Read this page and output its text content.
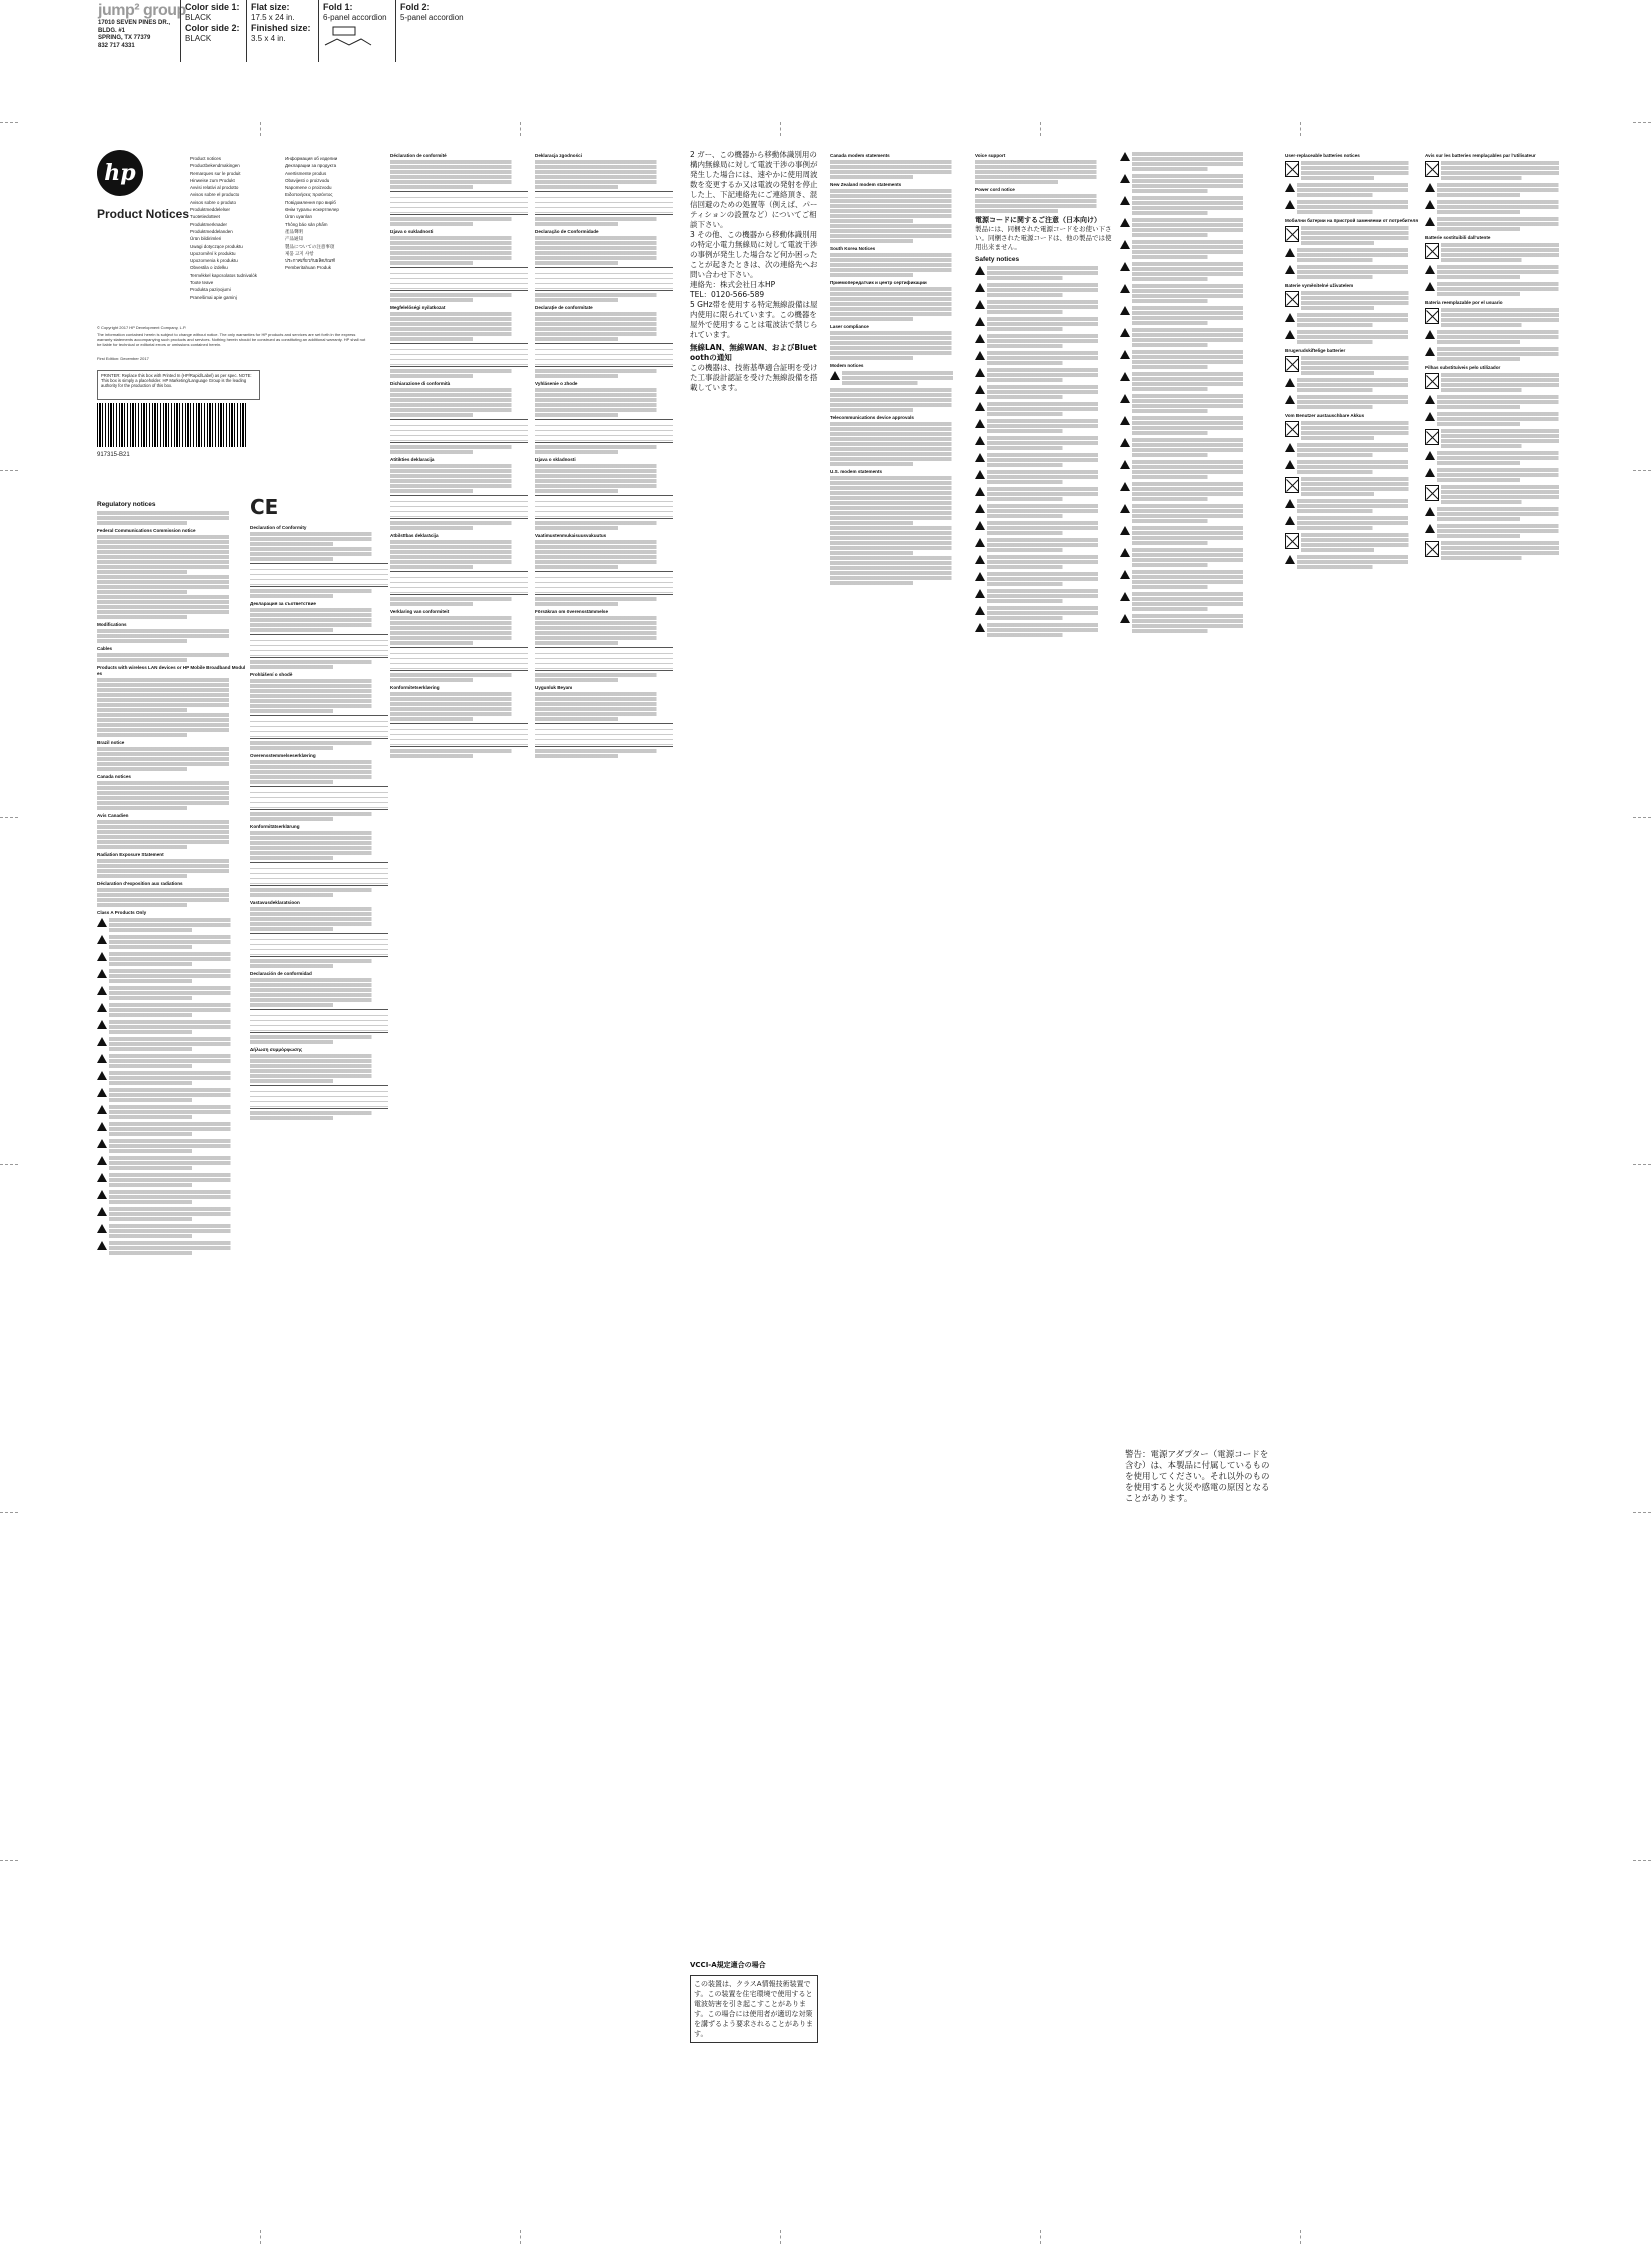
jump² group
17010 SEVEN PINES DR.,
BLDG. #1
SPRING, TX 77379
832 717 4331
Color side 1:
BLACK
Color side 2:
BLACK
Flat size:
17.5 x 24 in.
Finished size:
3.5 x 4 in.
Fold 1:
6-panel accordion
Fold 2:
5-panel accordion
hp
Product Notices
Product notices
Productbekendmakingen
Remarques sur le produit
Hinweise zum Produkt
Avvisi relativi al prodotto
Avisos sobre el producto
Avisos sobre o produto
Produktmeddelelser
Tuotetiedotteet
Produktmerknader
Produktmeddelanden
Ürün bildirimleri
Uwagi dotyczące produktu
Upozornění k produktu
Upozornenia k produktu
Obvestila o izdelku
Termékkel kapcsolatos tudnivalók
Toote teave
Produkta paziņojumi
Pranešimai apie gaminį
Информация об изделии
Декларации за продукта
Avertismente produs
Obavijesti o proizvodu
Napomene o proizvodu
Ειδοποιήσεις προϊόντος
Повідомлення про виріб
Өнім туралы ескертпелер
Ürün uyarıları
Thông báo sản phẩm
產品聲明
产品通知
製品についての注意事項
제품 고지 사항
ประกาศเกี่ยวกับผลิตภัณฑ์
Pemberitahuan Produk
© Copyright 2017 HP Development Company, L.P.
The information contained herein is subject to change without notice. The only warranties for HP products and services are set forth in the express warranty statements accompanying such products and services. Nothing herein should be construed as constituting an additional warranty. HP shall not be liable for technical or editorial errors or omissions contained herein.
First Edition: December 2017
PRINTER: Replace this box with Printed In (HP/Rapid/Label) as per spec. NOTE: This box is simply a placeholder. HP Marketing/Language Group is the leading authority for the production of this box.
917315-B21
Regulatory notices
Federal Communications Commission notice
Modifications
Cables
Products with wireless LAN devices or HP Mobile Broadband Modules
Brazil notice
Canada notices
Avis Canadien
Radiation Exposure Statement
Déclaration d'exposition aux radiations
Class A Products Only
CE
Declaration of Conformity
Декларация за съответствие
Prohlášení o shodě
Overensstemmelseserklæring
Konformitätserklärung
Vastavusdeklaratsioon
Declaración de conformidad
Δήλωση συμμόρφωσης
Déclaration de conformité
Izjava o sukladnosti
Megfelelőségi nyilatkozat
Dichiarazione di conformità
Atitikties deklaracija
Atbilstības deklarācija
Verklaring van conformiteit
Konformitetserklæring
Deklaracja zgodności
Declaração de Conformidade
Declarație de conformitate
Vyhlásenie o zhode
Izjava o skladnosti
Vaatimustenmukaisuusvakuutus
Försäkran om överensstämmelse
Uygunluk Beyanı
2 ガー、この機器から移動体識別用の構内無線局に対して電波干渉の事例が発生した場合には、速やかに使用周波数を変更するか又は電波の発射を停止した上、下記連絡先にご連絡頂き、混信回避のための処置等（例えば、パーティションの設置など）についてご相談下さい。
3 その他、この機器から移動体識別用の特定小電力無線局に対して電波干渉の事例が発生した場合など何か困ったことが起きたときは、次の連絡先へお問い合わせ下さい。
連絡先：株式会社日本HP
TEL：0120-566-589
5 GHz帯を使用する特定無線設備は屋内使用に限られています。この機器を屋外で使用することは電波法で禁じられています。
無線LAN、無線WAN、およびBluetoothの通知
この機器は、技術基準適合証明を受けた工事設計認証を受けた無線設備を搭載しています。
VCCI-A規定適合の場合
この装置は、クラスA情報技術装置です。この装置を住宅環境で使用すると電波妨害を引き起こすことがあります。この場合には使用者が適切な対策を講ずるよう要求されることがあります。
Canada modem statements
New Zealand modem statements
South Korea Notices
Приемопередатчик и центр сертификации
Laser compliance
Modem notices
Telecommunications device approvals
U.S. modem statements
Voice support
Power cord notice
電源コードに関するご注意（日本向け）
製品には、同梱された電源コードをお使い下さい。同梱された電源コードは、他の製品では使用出来ません。
Safety notices
警告：電源アダプター（電源コードを含む）は、本製品に付属しているものを使用してください。それ以外のものを使用すると火災や感電の原因となることがあります。
User-replaceable batteries notices
Мобилни батерии на пристрой заменяеми от потребителя
Baterie vyměnitelné uživatelem
Brugerudskiftelige batterier
Vom Benutzer austauschbare Akkus
Avis sur les batteries remplaçables par l'utilisateur
Batterie sostituibili dall'utente
Batería reemplazable por el usuario
Pilhas substituíveis pelo utilizador
